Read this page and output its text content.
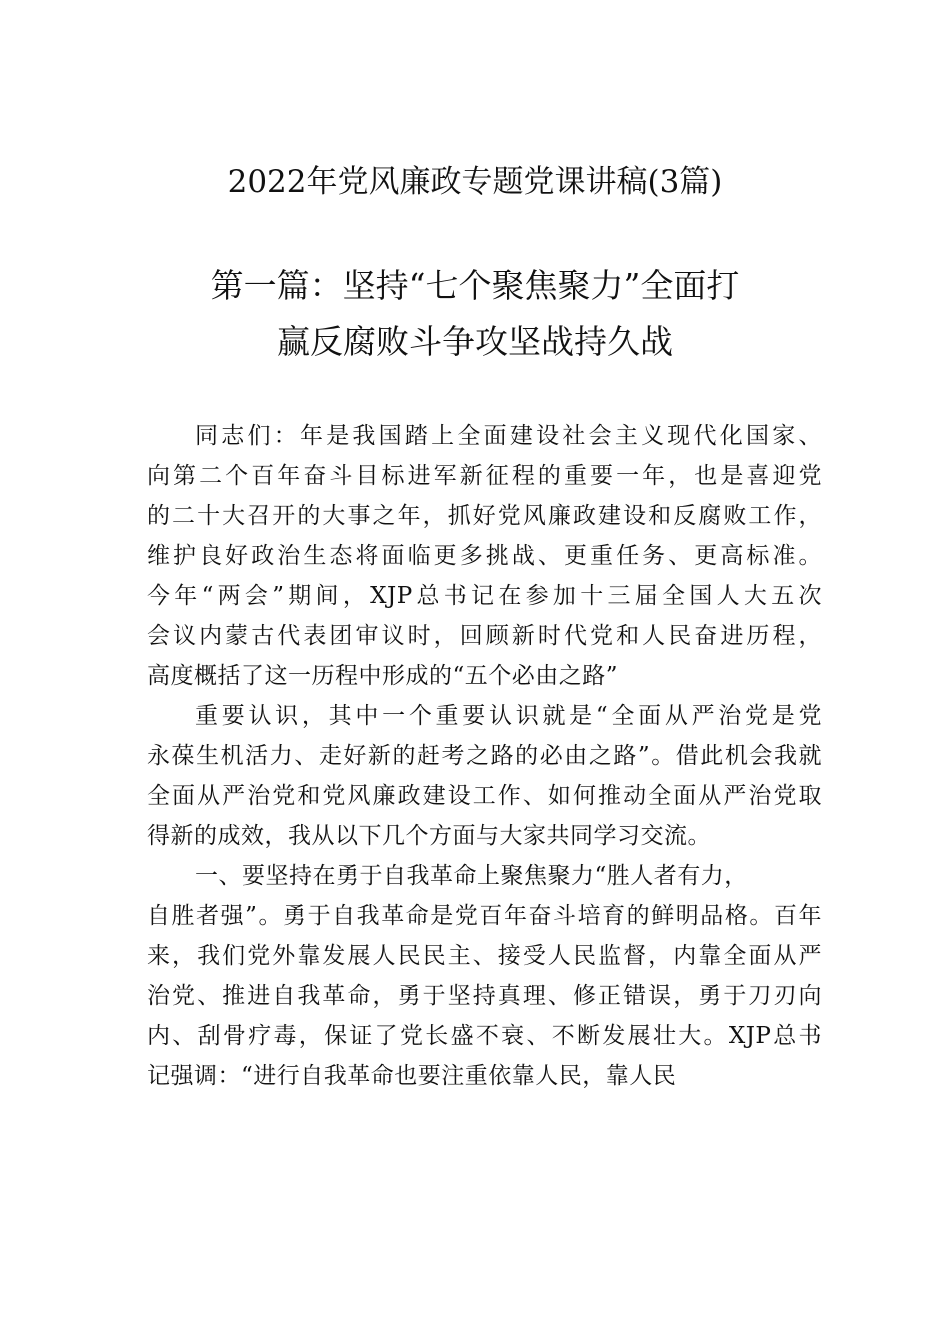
2022年党风廉政专题党课讲稿(3篇)
第一篇：坚持“七个聚焦聚力”全面打
赢反腐败斗争攻坚战持久战

同志们：年是我国踏上全面建设社会主义现代化国家、
向第二个百年奋斗目标进军新征程的重要一年，也是喜迎党
的二十大召开的大事之年，抓好党风廉政建设和反腐败工作，
维护良好政治生态将面临更多挑战、更重任务、更高标准。
今年“两会”期间，XJP总书记在参加十三届全国人大五次
会议内蒙古代表团审议时，回顾新时代党和人民奋进历程，
高度概括了这一历程中形成的“五个必由之路”

重要认识，其中一个重要认识就是“全面从严治党是党
永葆生机活力、走好新的赶考之路的必由之路”。借此机会我就
全面从严治党和党风廉政建设工作、如何推动全面从严治党取
得新的成效，我从以下几个方面与大家共同学习交流。

一、要坚持在勇于自我革命上聚焦聚力“胜人者有力，
自胜者强”。勇于自我革命是党百年奋斗培育的鲜明品格。百年
来，我们党外靠发展人民民主、接受人民监督，内靠全面从严
治党、推进自我革命，勇于坚持真理、修正错误，勇于刀刃向
内、刮骨疗毒，保证了党长盛不衰、不断发展壮大。XJP总书
记强调：“进行自我革命也要注重依靠人民，靠人民
